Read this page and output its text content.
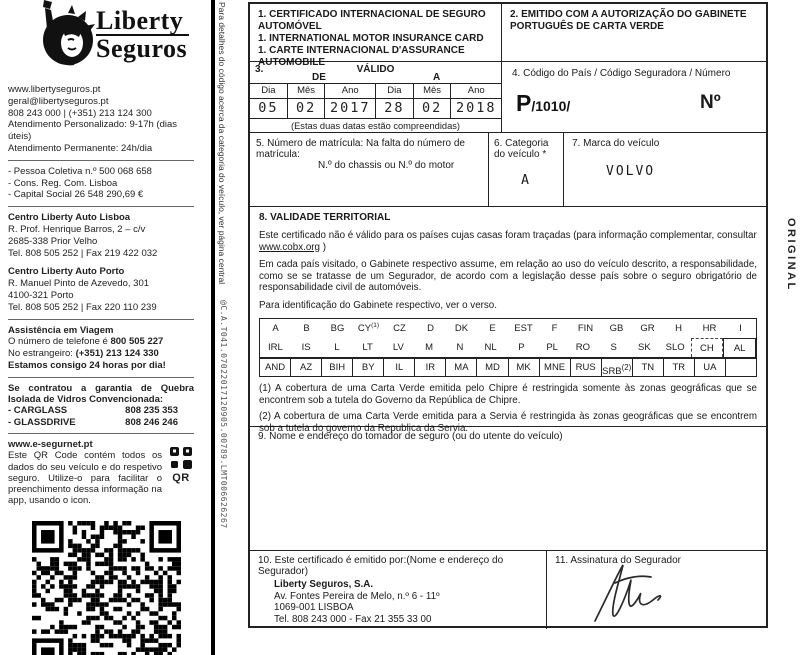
Liberty
Seguros
www.libertyseguros.pt
geral@libertyseguros.pt
808 243 000 | (+351) 213 124 300
Atendimento Personalizado: 9-17h (dias úteis)
Atendimento Permanente: 24h/dia
- Pessoa Coletiva n.º 500 068 658
- Cons. Reg. Com. Lisboa
- Capital Social 26 548 290,69 €
Centro Liberty Auto Lisboa
R. Prof. Henrique Barros, 2 – c/v
2685-338 Prior Velho
Tel. 808 505 252 | Fax 219 422 032
Centro Liberty Auto Porto
R. Manuel Pinto de Azevedo, 301
4100-321 Porto
Tel. 808 505 252 | Fax 220 110 239
Assistência em Viagem
O número de telefone é 800 505 227
No estrangeiro: (+351) 213 124 330
Estamos consigo 24 horas por dia!
Se contratou a garantia de Quebra Isolada de Vidros Convencionada:
- CARGLASS	808 235 353
- GLASSDRIVE	808 246 246
www.e-segurnet.pt
Este QR Code contém todos os dados do seu veículo e do respetivo seguro. Utilize-o para facilitar o preenchimento dessa informação na app, usando o icon.
QR
Para detalhes do código acerca da categoria do veículo, ver página central
@C.A.T041.07022017120905.00789.LMT006626267
ORIGINAL
1. CERTIFICADO INTERNACIONAL DE SEGURO AUTOMÓVEL
1. INTERNATIONAL MOTOR INSURANCE CARD
1. CARTE INTERNACIONAL D'ASSURANCE AUTOMOBILE
2. EMITIDO COM A AUTORIZAÇÃO DO GABINETE PORTUGUÊS DE CARTA VERDE
3.	VÁLIDO
DE	A
Dia	Mês	Ano	Dia	Mês	Ano
05	02	2017	28	02	2018
(Estas duas datas estão compreendidas)
4. Código do País / Código Seguradora / Número
P/1010/	Nº
5. Número de matrícula: Na falta do número de matrícula:
N.º do chassis ou N.º do motor
6. Categoria do veículo *
A
7. Marca do veículo
VOLVO
8. VALIDADE TERRITORIAL

Este certificado não é válido para os países cujas casas foram traçadas (para informação complementar, consultar www.cobx.org )

Em cada país visitado, o Gabinete respectivo assume, em relação ao uso do veículo descrito, a responsabilidade, como se se tratasse de um Segurador, de acordo com a legislação desse país sobre o seguro obrigatório de responsabilidade civil de automóveis.

Para identificação do Gabinete respectivo, ver o verso.

A	B	BG	CY$^{(1)}$	CZ	D	DK	E	EST	F	FIN	GB	GR	H	HR	I
IRL	IS	L	LT	LV	M	N	NL	P	PL	RO	S	SK	SLO	CH	AL
AND	AZ	BIH	BY	IL	IR	MA	MD	MK	MNE	RUS SRB$^{(2)}$	TN	TR	UA

(1) A cobertura de uma Carta Verde emitida pelo Chipre é restringida somente às zonas geográficas que se encontrem sob a tutela do Governo da República de Chipre.

(2) A cobertura de uma Carta Verde emitida para a Servia é restringida às zonas geográficas que se encontrem sob a tutela do governo da Republica da Servia.

9. Nome e endereço do tomador de seguro (ou do utente do veículo)
10. Este certificado é emitido por:(Nome e endereço do Segurador)
Liberty Seguros, S.A.
Av. Fontes Pereira de Melo, n.º 6 - 11º
1069-001 LISBOA
Tel. 808 243 000 - Fax 21 355 33 00
11. Assinatura do Segurador
